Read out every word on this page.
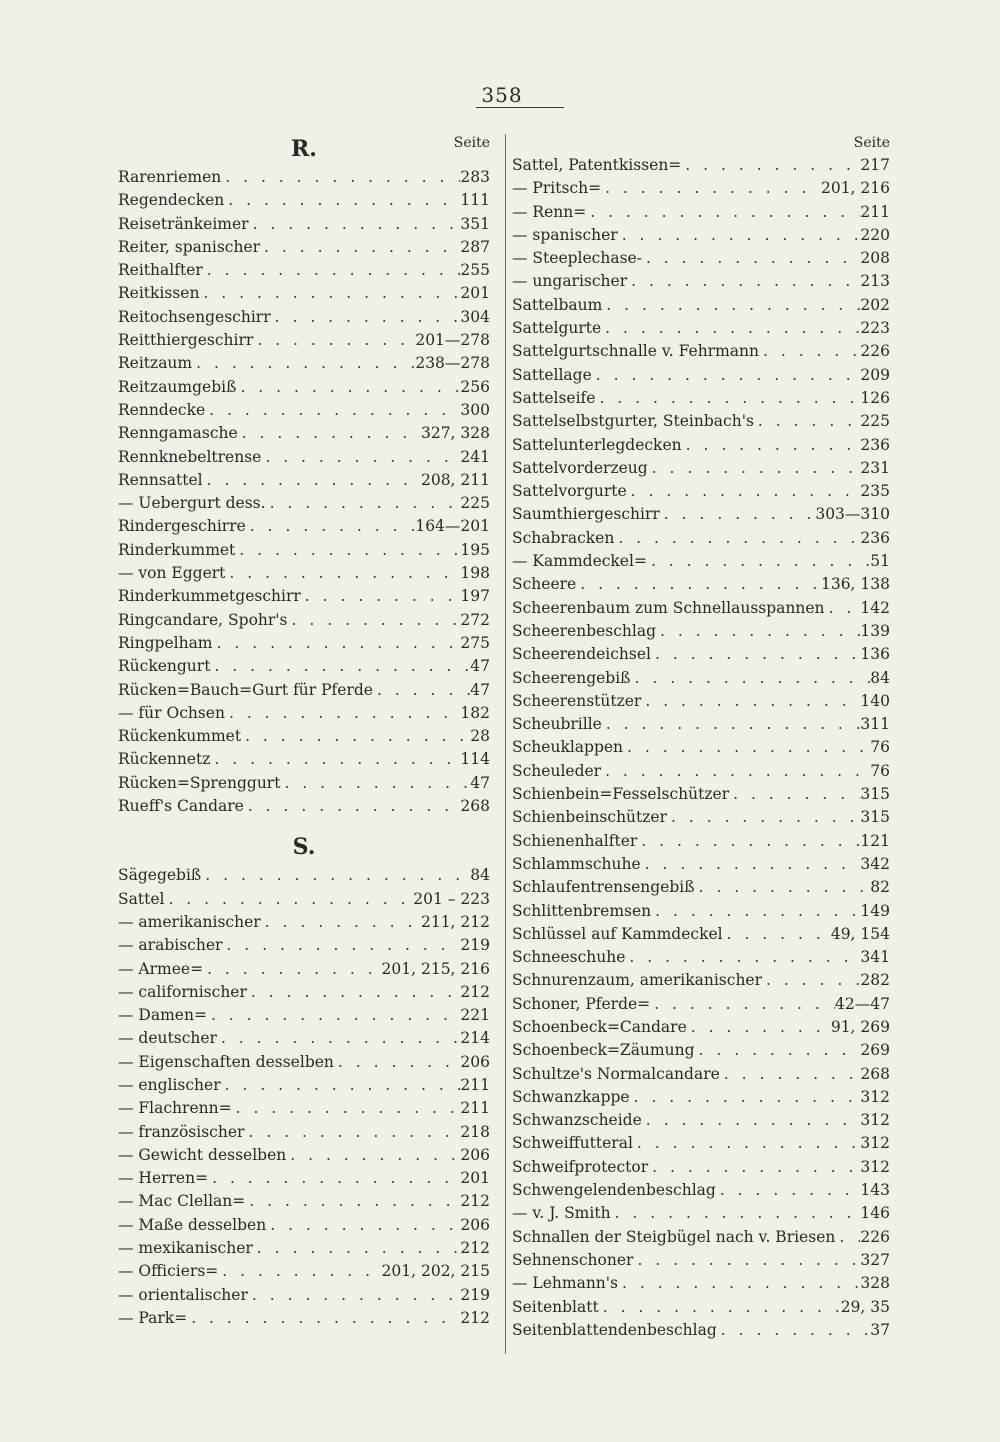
358
Seite
R.
Rarenriemen . . .	283
Regendecken . . .	111
Reisetränkeimer . . .	351
Reiter, spanischer . . .	287
Reithalfter . . .	255
Reitkissen . . .	201
Reitochsengeschirr . . .	304
Reitthiergeschirr . . .	201—278
Reitzaum . . .	238—278
Reitzaumgebiß . . .	256
Renndecke . . .	300
Renngamasche . . .	327, 328
Rennknebeltrense . . .	241
Rennsattel . . .	208, 211
— Uebergurt dess. . . .	225
Rindergeschirre . . .	164—201
Rinderkummet . . .	195
— von Eggert . . .	198
Rinderkummetgeschirr . . .	197
Ringcandare, Spohr's . . .	272
Ringpelham . . .	275
Rückengurt . . .	47
Rücken=Bauch=Gurt für Pferde . . .	47
— für Ochsen . . .	182
Rückenkummet . . .	28
Rückennetz . . .	114
Rücken=Sprenggurt . . .	47
Rueff's Candare . . .	268
S.
Sägegebiß . . .	84
Sattel . . .	201 – 223
— amerikanischer . . .	211, 212
— arabischer . . .	219
— Armee= . . .	201, 215, 216
— californischer . . .	212
— Damen= . . .	221
— deutscher . . .	214
— Eigenschaften desselben . . .	206
— englischer . . .	211
— Flachrenn= . . .	211
— französischer . . .	218
— Gewicht desselben . . .	206
— Herren= . . .	201
— Mac Clellan= . . .	212
— Maße desselben . . .	206
— mexikanischer . . .	212
— Officiers= . . .	201, 202, 215
— orientalischer . . .	219
— Park= . . .	212
Seite
Sattel, Patentkissen= . . .	217
— Pritsch= . . .	201, 216
— Renn= . . .	211
— spanischer . . .	220
— Steeplechase- . . .	208
— ungarischer . . .	213
Sattelbaum . . .	202
Sattelgurte . . .	223
Sattelgurtschnalle v. Fehrmann . . .	226
Sattellage . . .	209
Sattelseife . . .	126
Sattelselbstgurter, Steinbach's . . .	225
Sattelunterlegdecken . . .	236
Sattelvorderzeug . . .	231
Sattelvorgurte . . .	235
Saumthiergeschirr . . .	303—310
Schabracken . . .	236
— Kammdeckel= . . .	51
Scheere . . .	136, 138
Scheerenbaum zum Schnellausspannen . . . 142
Scheerenbeschlag . . .	139
Scheerendeichsel . . .	136
Scheerengebiß . . .	84
Scheerenstützer . . .	140
Scheubrille . . .	311
Scheuklappen . . .	76
Scheuleder . . .	76
Schienbein=Fesselschützer . . .	315
Schienbeinschützer . . .	315
Schienenhalfter . . .	121
Schlammschuhe . . .	342
Schlaufentrensengebiß . . .	82
Schlittenbremsen . . .	149
Schlüssel auf Kammdeckel . . .	49, 154
Schneeschuhe . . .	341
Schnurenzaum, amerikanischer . . .	282
Schoner, Pferde= . . .	42—47
Schoenbeck=Candare . . .	91, 269
Schoenbeck=Zäumung . . .	269
Schultze's Normalcandare . . .	268
Schwanzkappe . . .	312
Schwanzscheide . . .	312
Schweiffutteral . . .	312
Schweifprotector . . .	312
Schwengelendenbeschlag . . .	143
— v. J. Smith . . .	146
Schnallen der Steigbügel nach v. Briesen . . . 226
Sehnenschoner . . .	327
— Lehmann's . . .	328
Seitenblatt . . .	29, 35
Seitenblattendenbeschlag . . .	37
